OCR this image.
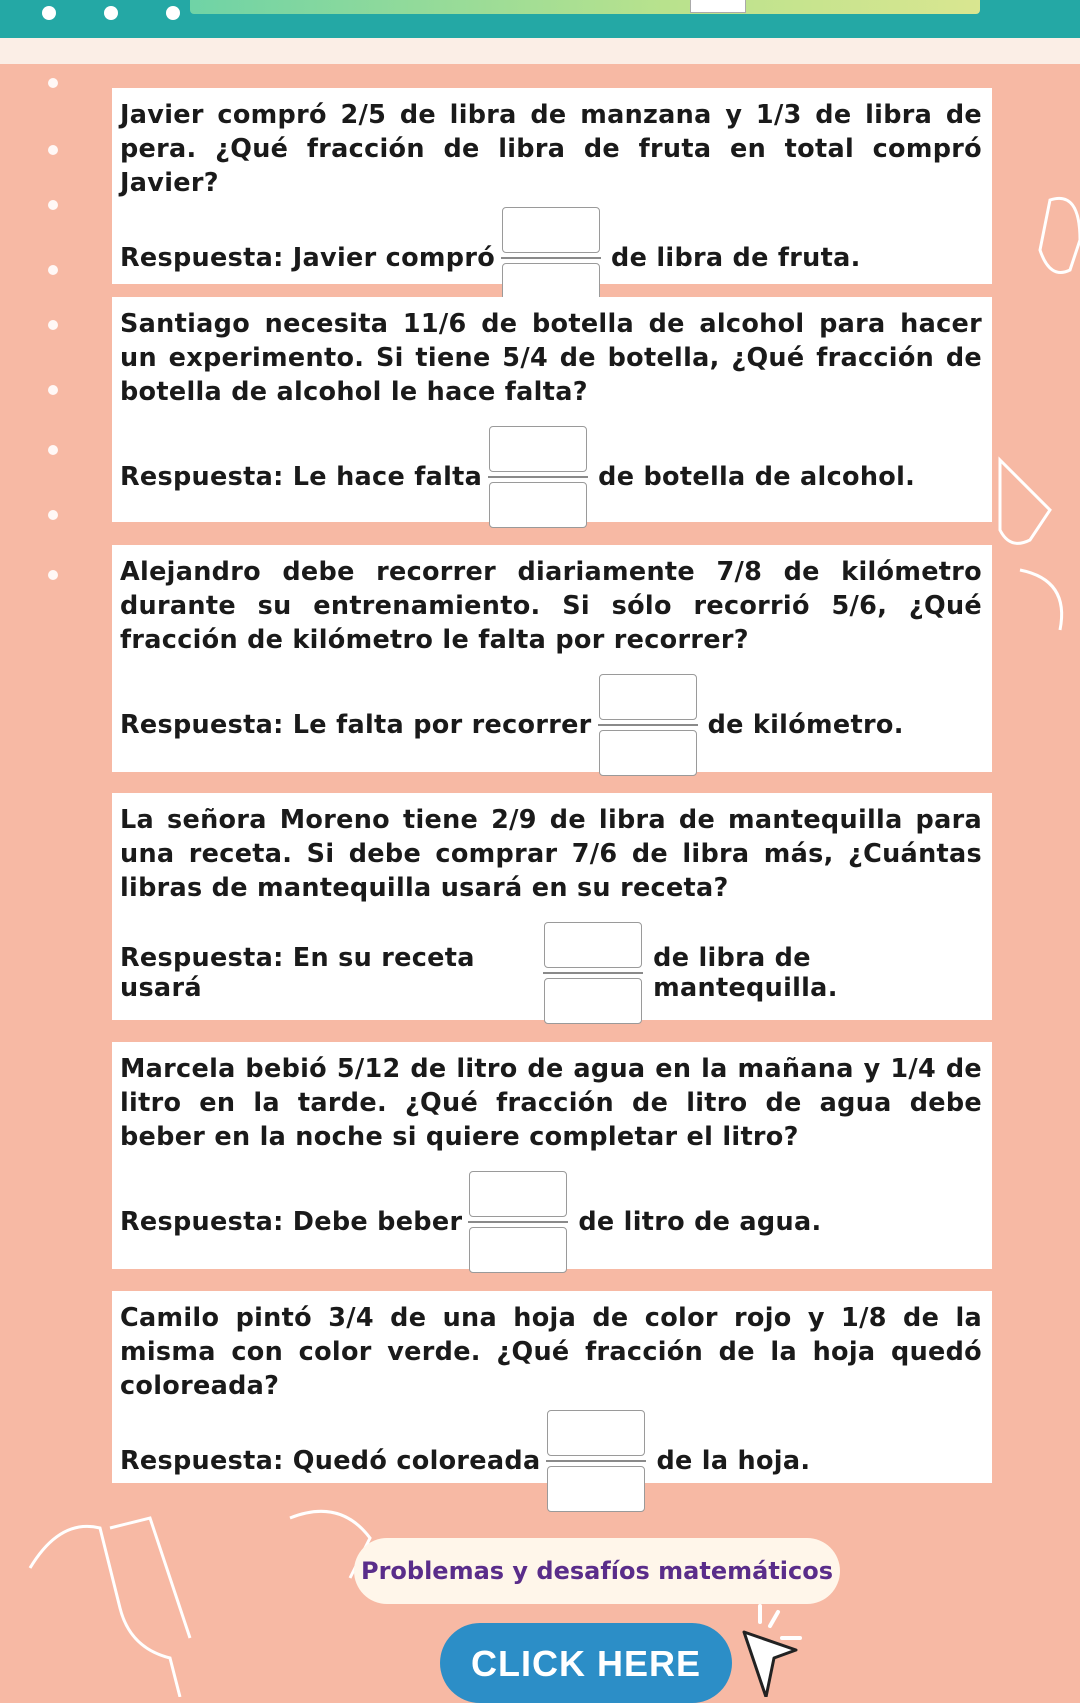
Javier compró 2/5 de libra de manzana y 1/3 de libra de pera. ¿Qué fracción de libra de fruta en total compró Javier?

Respuesta: Javier compró	de libra de fruta.

Santiago necesita 11/6 de botella de alcohol para hacer un experimento. Si tiene 5/4 de botella, ¿Qué fracción de botella de alcohol le hace falta?

Respuesta: Le hace falta	de botella de alcohol.

Alejandro debe recorrer diariamente 7/8 de kilómetro durante su entrenamiento. Si sólo recorrió 5/6, ¿Qué fracción de kilómetro le falta por recorrer?

Respuesta: Le falta por recorrer	de kilómetro.

La señora Moreno tiene 2/9 de libra de mantequilla para una receta. Si debe comprar 7/6 de libra más, ¿Cuántas libras de mantequilla usará en su receta?

Respuesta: En su receta usará
de libra de mantequilla.

Marcela bebió 5/12 de litro de agua en la mañana y 1/4 de litro en la tarde. ¿Qué fracción de litro de agua debe beber en la noche si quiere completar el litro?

Respuesta: Debe beber	de litro de agua.

Camilo pintó 3/4 de una hoja de color rojo y 1/8 de la misma con color verde. ¿Qué fracción de la hoja quedó coloreada?

Respuesta: Quedó coloreada	de la hoja.
Problemas y desafíos matemáticos
CLICK HERE
